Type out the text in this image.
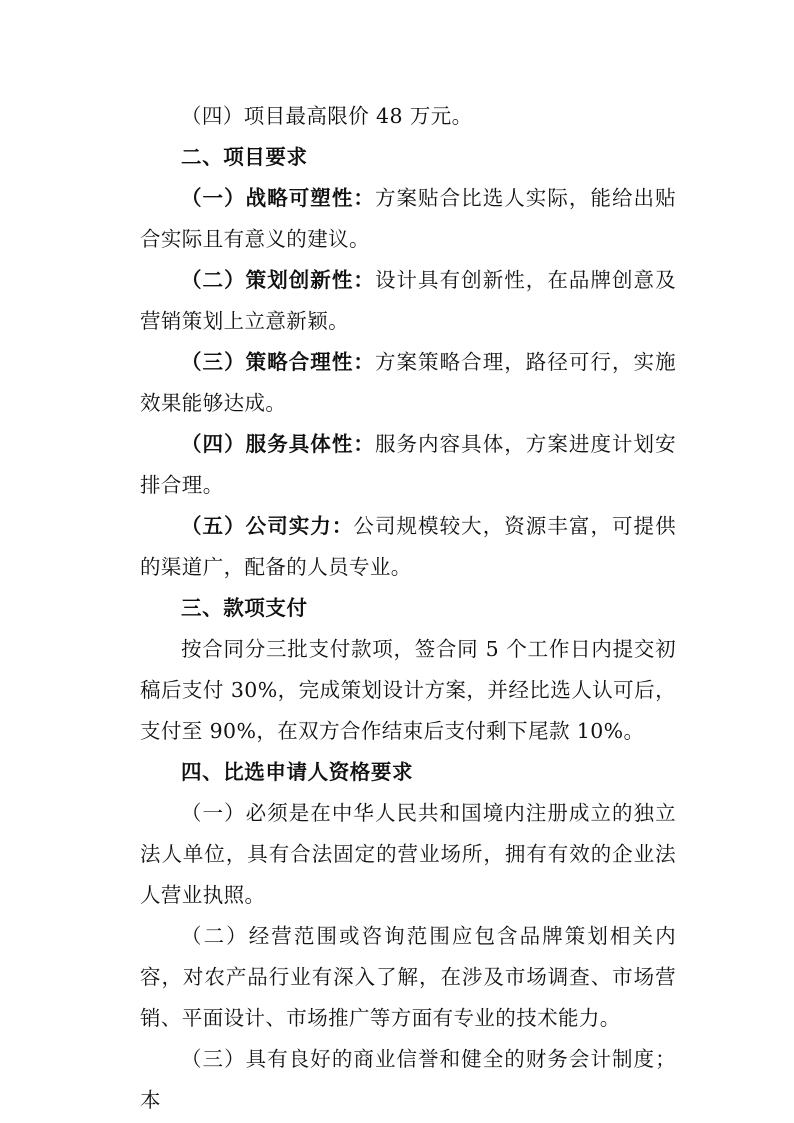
（四）项目最高限价 48 万元。

二、项目要求

（一）战略可塑性：方案贴合比选人实际，能给出贴合实际且有意义的建议。

（二）策划创新性：设计具有创新性，在品牌创意及营销策划上立意新颖。

（三）策略合理性：方案策略合理，路径可行，实施效果能够达成。

（四）服务具体性：服务内容具体，方案进度计划安排合理。

（五）公司实力：公司规模较大，资源丰富，可提供的渠道广，配备的人员专业。

三、款项支付

按合同分三批支付款项，签合同 5 个工作日内提交初稿后支付 30%，完成策划设计方案，并经比选人认可后，支付至 90%，在双方合作结束后支付剩下尾款 10%。

四、比选申请人资格要求

（一）必须是在中华人民共和国境内注册成立的独立法人单位，具有合法固定的营业场所，拥有有效的企业法人营业执照。

（二）经营范围或咨询范围应包含品牌策划相关内容，对农产品行业有深入了解，在涉及市场调查、市场营销、平面设计、市场推广等方面有专业的技术能力。

（三）具有良好的商业信誉和健全的财务会计制度；本
